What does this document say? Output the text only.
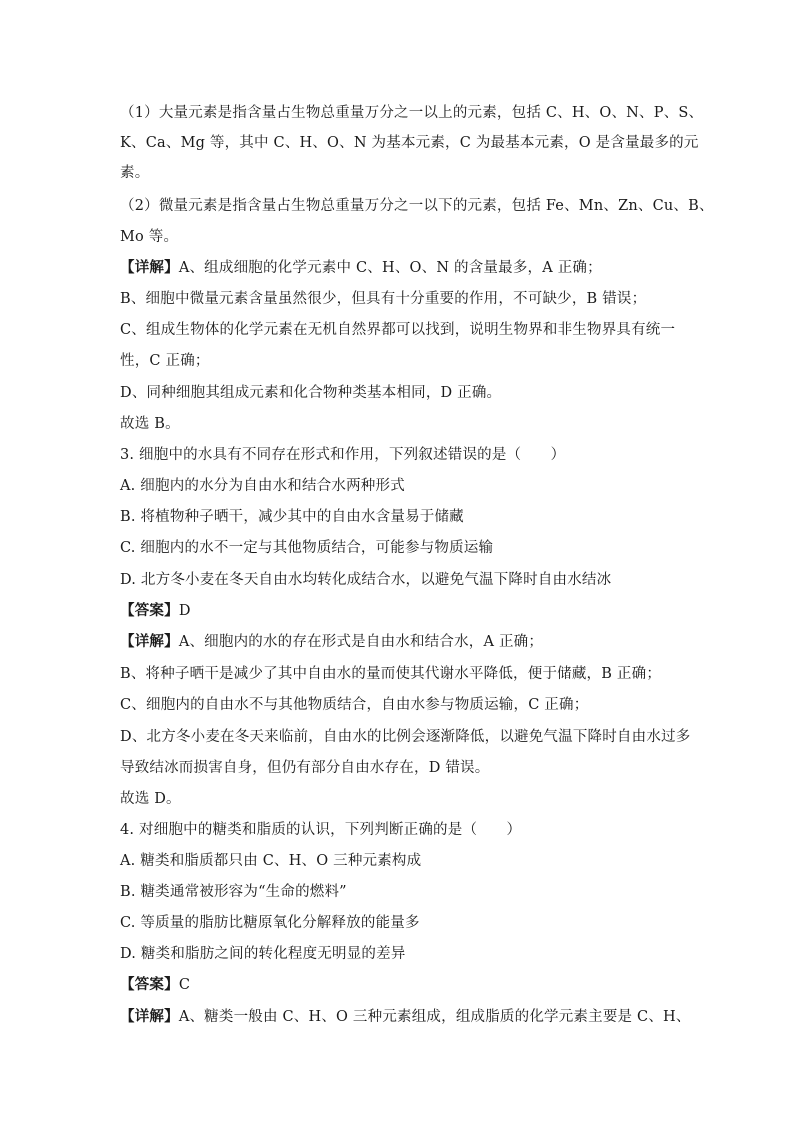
（1）大量元素是指含量占生物总重量万分之一以上的元素，包括 C、H、O、N、P、S、
K、Ca、Mg 等，其中 C、H、O、N 为基本元素，C 为最基本元素，O 是含量最多的元
素。
（2）微量元素是指含量占生物总重量万分之一以下的元素，包括 Fe、Mn、Zn、Cu、B、
Mo 等。
【详解】A、组成细胞的化学元素中 C、H、O、N 的含量最多，A 正确；
B、细胞中微量元素含量虽然很少，但具有十分重要的作用，不可缺少，B 错误；
C、组成生物体的化学元素在无机自然界都可以找到，说明生物界和非生物界具有统一
性，C 正确；
D、同种细胞其组成元素和化合物种类基本相同，D 正确。
故选 B。
3. 细胞中的水具有不同存在形式和作用，下列叙述错误的是（　　）
A. 细胞内的水分为自由水和结合水两种形式
B. 将植物种子晒干，减少其中的自由水含量易于储藏
C. 细胞内的水不一定与其他物质结合，可能参与物质运输
D. 北方冬小麦在冬天自由水均转化成结合水，以避免气温下降时自由水结冰
【答案】D
【详解】A、细胞内的水的存在形式是自由水和结合水，A 正确；
B、将种子晒干是减少了其中自由水的量而使其代谢水平降低，便于储藏，B 正确；
C、细胞内的自由水不与其他物质结合，自由水参与物质运输，C 正确；
D、北方冬小麦在冬天来临前，自由水的比例会逐渐降低，以避免气温下降时自由水过多
导致结冰而损害自身，但仍有部分自由水存在，D 错误。
故选 D。
4. 对细胞中的糖类和脂质的认识，下列判断正确的是（　　）
A. 糖类和脂质都只由 C、H、O 三种元素构成
B. 糖类通常被形容为“生命的燃料”
C. 等质量的脂肪比糖原氧化分解释放的能量多
D. 糖类和脂肪之间的转化程度无明显的差异
【答案】C
【详解】A、糖类一般由 C、H、O 三种元素组成，组成脂质的化学元素主要是 C、H、
